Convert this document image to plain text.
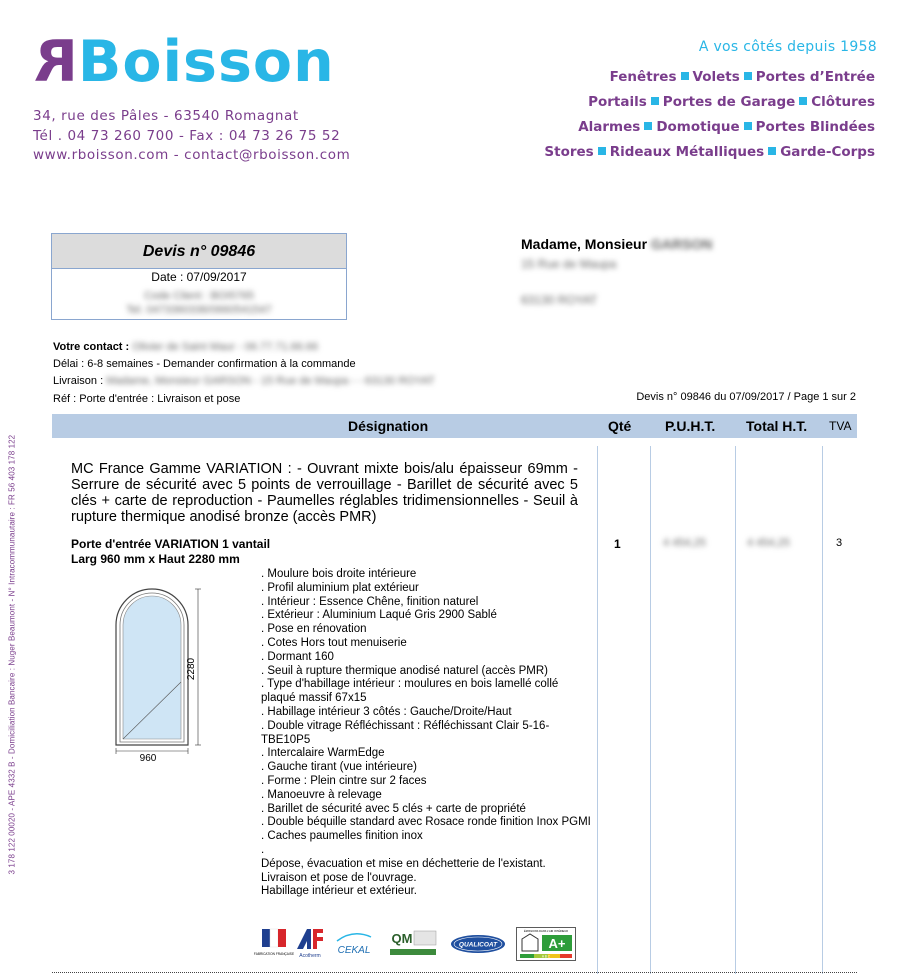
RBoisson
34, rue des Pâles - 63540 Romagnat
Tél . 04 73 260 700 - Fax : 04 73 26 75 52
www.rboisson.com - contact@rboisson.com
A vos côtés depuis 1958
Fenêtres Volets Portes d’Entrée
Portails Portes de Garage Clôtures
Alarmes Domotique Portes Blindées
Stores Rideaux Métalliques Garde-Corps
3 178 122 00020 - APE 4332 B - Domiciliation Bancaire : Nuger Beaumont - N° Intracommunautaire : FR 56 403 178 122
Devis n° 09846
Date : 07/09/2017
Code Client : BOI5765
Tel. 0473360336/0660541547
Madame, Monsieur GARSON
15 Rue de Maupa
63130 ROYAT
Votre contact : Olivier de Saint Maur - 06.77.71.66.66
Délai : 6-8 semaines - Demander confirmation à la commande
Livraison : Madame, Monsieur GARSON - 15 Rue de Maupa - - 63130 ROYAT
Réf : Porte d'entrée : Livraison et pose	Devis n° 09846 du 07/09/2017 / Page 1 sur 2
Désignation	Qté P.U.H.T. Total H.T. TVA
MC France Gamme VARIATION : - Ouvrant mixte bois/alu épaisseur 69mm - Serrure de sécurité avec 5 points de verrouillage - Barillet de sécurité avec 5 clés + carte de reproduction - Paumelles réglables tridimensionnelles - Seuil à rupture thermique anodisé bronze (accès PMR)
Porte d'entrée VARIATION 1 vantail
Larg 960 mm x Haut 2280 mm
1	4 454,25	4 454,25	3
2280
960
. Moulure bois droite intérieure
. Profil aluminium plat extérieur
. Intérieur : Essence Chêne, finition naturel
. Extérieur : Aluminium Laqué Gris 2900 Sablé
. Pose en rénovation
. Cotes Hors tout menuiserie
. Dormant 160
. Seuil à rupture thermique anodisé naturel (accès PMR)
. Type d'habillage intérieur : moulures en bois lamellé collé plaqué massif 67x15
. Habillage intérieur 3 côtés : Gauche/Droite/Haut
. Double vitrage Réfléchissant : Réfléchissant Clair 5-16-TBE10P5
. Intercalaire WarmEdge
. Gauche tirant (vue intérieure)
. Forme : Plein cintre sur 2 faces
. Manoeuvre à relevage
. Barillet de sécurité avec 5 clés + carte de propriété
. Double béquille standard avec Rosace ronde finition Inox PGMI
. Caches paumelles finition inox
.
Dépose, évacuation et mise en déchetterie de l'existant.
Livraison et pose de l'ouvrage.
Habillage intérieur et extérieur.
FABRICATION FRANÇAISE Acotherm CEKAL
QM	QUALICOAT
ÉMISSIONS DANS L'AIR INTÉRIEUR
A+
A B C
